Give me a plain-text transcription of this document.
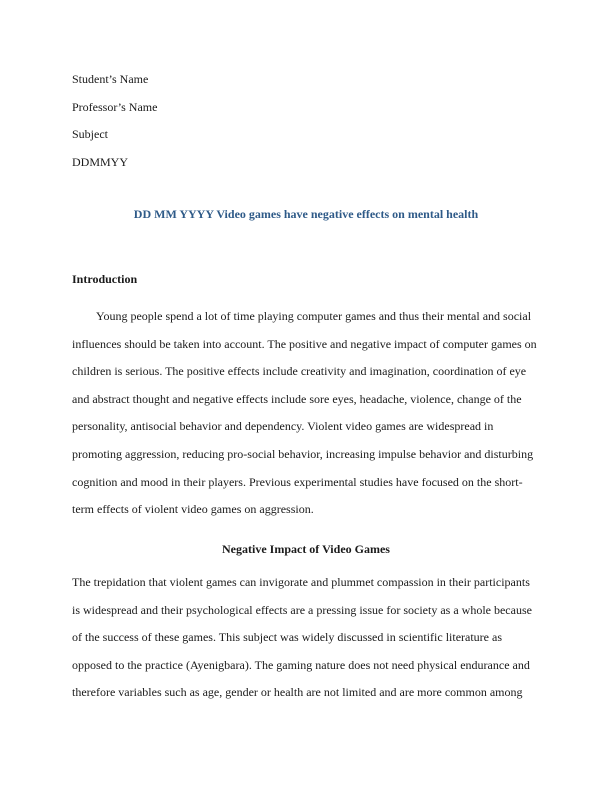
Student’s Name
Professor’s Name
Subject
DDMMYY
DD MM YYYY Video games have negative effects on mental health
Introduction
Young people spend a lot of time playing computer games and thus their mental and social
influences should be taken into account. The positive and negative impact of computer games on
children is serious. The positive effects include creativity and imagination, coordination of eye
and abstract thought and negative effects include sore eyes, headache, violence, change of the
personality, antisocial behavior and dependency. Violent video games are widespread in
promoting aggression, reducing pro-social behavior, increasing impulse behavior and disturbing
cognition and mood in their players. Previous experimental studies have focused on the short-
term effects of violent video games on aggression.
Negative Impact of Video Games
The trepidation that violent games can invigorate and plummet compassion in their participants
is widespread and their psychological effects are a pressing issue for society as a whole because
of the success of these games. This subject was widely discussed in scientific literature as
opposed to the practice (Ayenigbara). The gaming nature does not need physical endurance and
therefore variables such as age, gender or health are not limited and are more common among
